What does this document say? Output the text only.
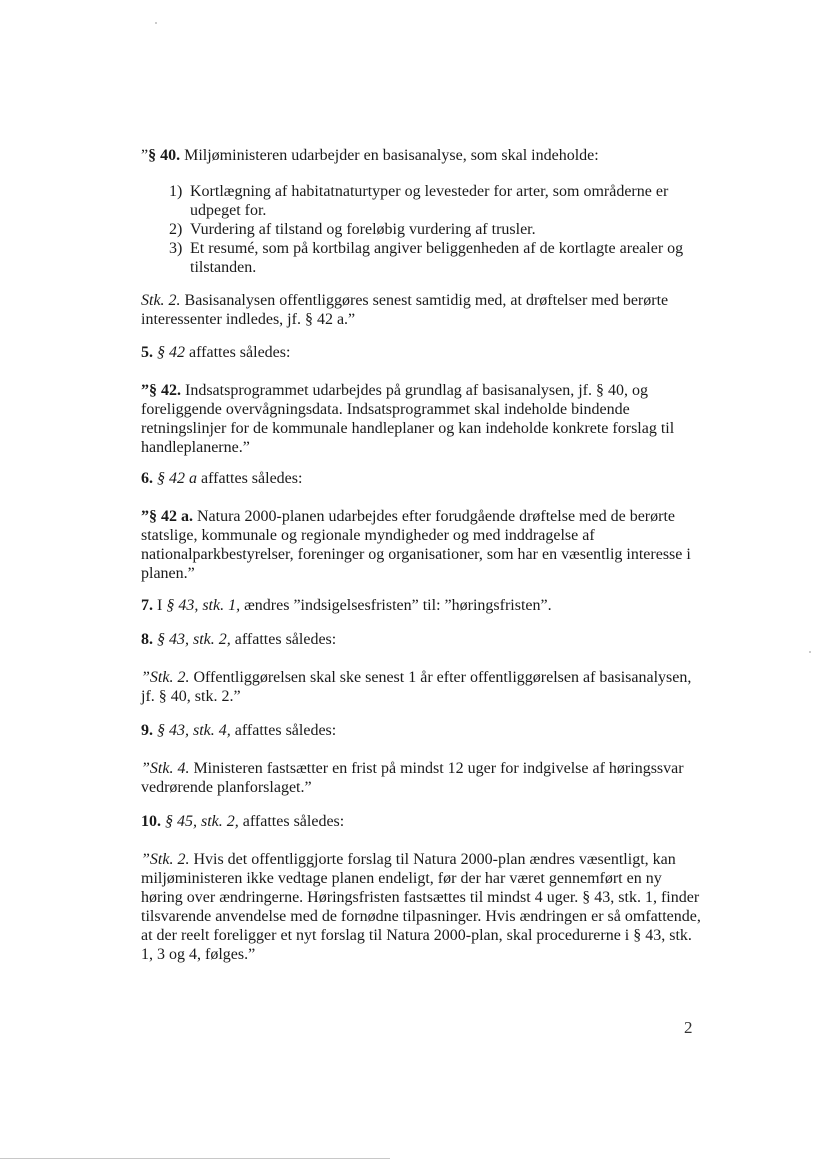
”§ 40. Miljøministeren udarbejder en basisanalyse, som skal indeholde:

1) Kortlægning af habitatnaturtyper og levesteder for arter, som områderne er udpeget for.
2) Vurdering af tilstand og foreløbig vurdering af trusler.
3) Et resumé, som på kortbilag angiver beliggenheden af de kortlagte arealer og tilstanden.

Stk. 2. Basisanalysen offentliggøres senest samtidig med, at drøftelser med berørte interessenter indledes, jf. § 42 a.”

5. § 42 affattes således:

”§ 42. Indsatsprogrammet udarbejdes på grundlag af basisanalysen, jf. § 40, og foreliggende overvågningsdata. Indsatsprogrammet skal indeholde bindende retningslinjer for de kommunale handleplaner og kan indeholde konkrete forslag til handleplanerne.”

6. § 42 a affattes således:

”§ 42 a. Natura 2000-planen udarbejdes efter forudgående drøftelse med de berørte statslige, kommunale og regionale myndigheder og med inddragelse af nationalparkbestyrelser, foreninger og organisationer, som har en væsentlig interesse i planen.”

7. I § 43, stk. 1, ændres ”indsigelsesfristen” til: ”høringsfristen”.

8. § 43, stk. 2, affattes således:

”Stk. 2. Offentliggørelsen skal ske senest 1 år efter offentliggørelsen af basisanalysen, jf. § 40, stk. 2.”

9. § 43, stk. 4, affattes således:

”Stk. 4. Ministeren fastsætter en frist på mindst 12 uger for indgivelse af høringssvar vedrørende planforslaget.”

10. § 45, stk. 2, affattes således:

”Stk. 2. Hvis det offentliggjorte forslag til Natura 2000-plan ændres væsentligt, kan miljøministeren ikke vedtage planen endeligt, før der har været gennemført en ny høring over ændringerne. Høringsfristen fastsættes til mindst 4 uger. § 43, stk. 1, finder tilsvarende anvendelse med de fornødne tilpasninger. Hvis ændringen er så omfattende, at der reelt foreligger et nyt forslag til Natura 2000-plan, skal procedurerne i § 43, stk. 1, 3 og 4, følges.”

2
